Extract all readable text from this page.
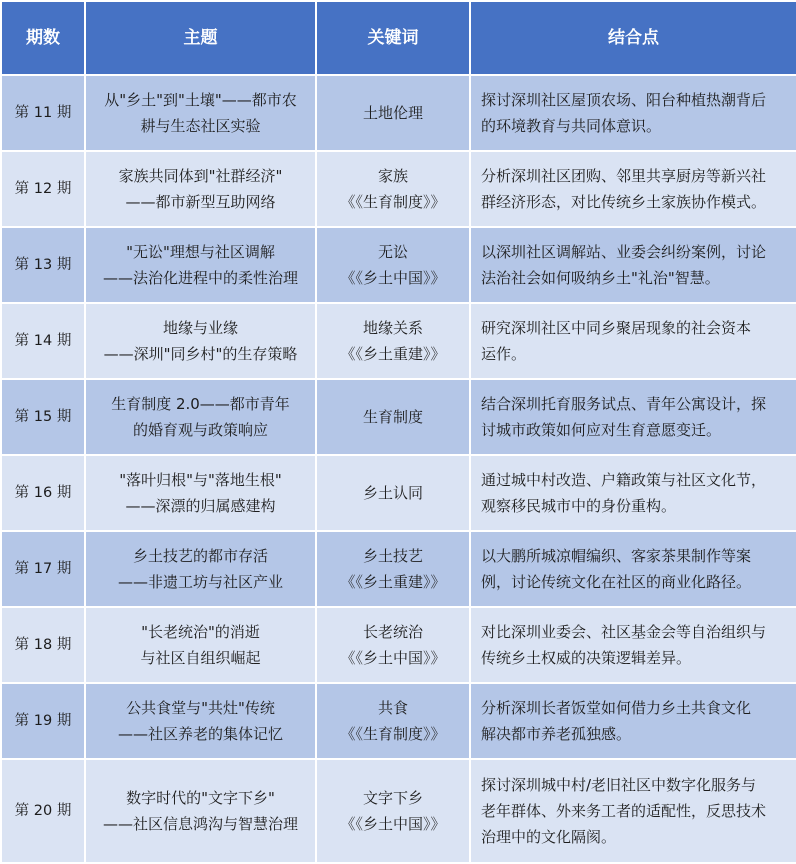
期数	主题	关键词	结合点
第 11 期	从"乡土"到"土壤"——都市农
耕与生态社区实验	土地伦理	探讨深圳社区屋顶农场、阳台种植热潮背后
的环境教育与共同体意识。

第 12 期	家族共同体到"社群经济"
——都市新型互助网络	家族
《《生育制度》》	分析深圳社区团购、邻里共享厨房等新兴社
群经济形态，对比传统乡土家族协作模式。

第 13 期	"无讼"理想与社区调解
——法治化进程中的柔性治理	无讼
《《乡土中国》》	以深圳社区调解站、业委会纠纷案例，讨论
法治社会如何吸纳乡土"礼治"智慧。

第 14 期	地缘与业缘
——深圳"同乡村"的生存策略	地缘关系
《《乡土重建》》	研究深圳社区中同乡聚居现象的社会资本
运作。

第 15 期	生育制度 2.0——都市青年
的婚育观与政策响应	生育制度	结合深圳托育服务试点、青年公寓设计，探
讨城市政策如何应对生育意愿变迁。

第 16 期	"落叶归根"与"落地生根"
——深漂的归属感建构	乡土认同	通过城中村改造、户籍政策与社区文化节，
观察移民城市中的身份重构。

第 17 期	乡土技艺的都市存活
——非遗工坊与社区产业	乡土技艺
《《乡土重建》》	以大鹏所城凉帽编织、客家茶果制作等案
例，讨论传统文化在社区的商业化路径。

第 18 期	"长老统治"的消逝
与社区自组织崛起	长老统治
《《乡土中国》》	对比深圳业委会、社区基金会等自治组织与
传统乡土权威的决策逻辑差异。

第 19 期	公共食堂与"共灶"传统
——社区养老的集体记忆	共食
《《生育制度》》	分析深圳长者饭堂如何借力乡土共食文化
解决都市养老孤独感。

第 20 期	数字时代的"文字下乡"
——社区信息鸿沟与智慧治理	文字下乡
《《乡土中国》》	探讨深圳城中村/老旧社区中数字化服务与
老年群体、外来务工者的适配性，反思技术
治理中的文化隔阂。
